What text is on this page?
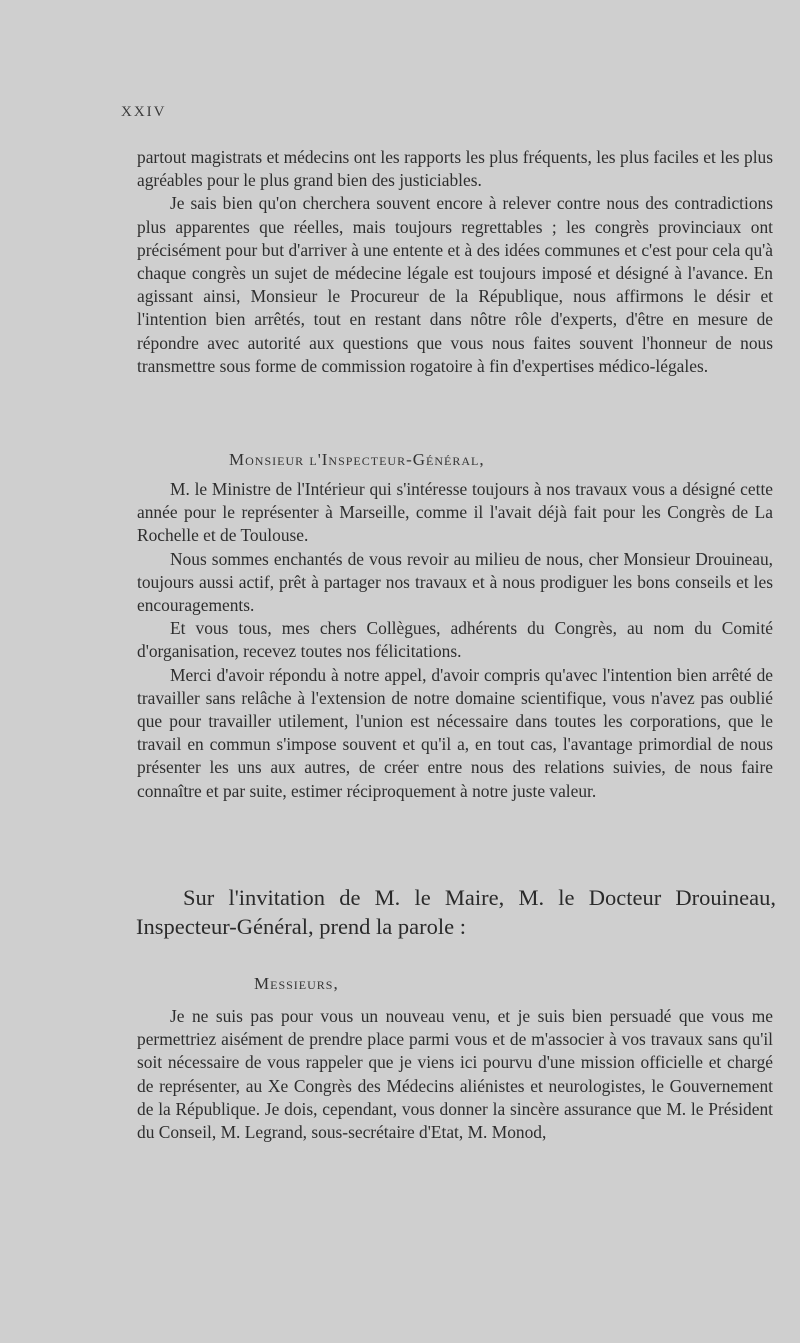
XXIV

partout magistrats et médecins ont les rapports les plus fréquents, les plus faciles et les plus agréables pour le plus grand bien des justiciables.

Je sais bien qu'on cherchera souvent encore à relever contre nous des contradictions plus apparentes que réelles, mais toujours regrettables ; les congrès provinciaux ont précisément pour but d'arriver à une entente et à des idées communes et c'est pour cela qu'à chaque congrès un sujet de médecine légale est toujours imposé et désigné à l'avance. En agissant ainsi, Monsieur le Procureur de la République, nous affirmons le désir et l'intention bien arrêtés, tout en restant dans nôtre rôle d'experts, d'être en mesure de répondre avec autorité aux questions que vous nous faites souvent l'honneur de nous transmettre sous forme de commission rogatoire à fin d'expertises médico-légales.

Monsieur l'Inspecteur-Général,

M. le Ministre de l'Intérieur qui s'intéresse toujours à nos travaux vous a désigné cette année pour le représenter à Marseille, comme il l'avait déjà fait pour les Congrès de La Rochelle et de Toulouse.

Nous sommes enchantés de vous revoir au milieu de nous, cher Monsieur Drouineau, toujours aussi actif, prêt à partager nos travaux et à nous prodiguer les bons conseils et les encouragements.

Et vous tous, mes chers Collègues, adhérents du Congrès, au nom du Comité d'organisation, recevez toutes nos félicitations.

Merci d'avoir répondu à notre appel, d'avoir compris qu'avec l'intention bien arrêté de travailler sans relâche à l'extension de notre domaine scientifique, vous n'avez pas oublié que pour travailler utilement, l'union est nécessaire dans toutes les corporations, que le travail en commun s'impose souvent et qu'il a, en tout cas, l'avantage primordial de nous présenter les uns aux autres, de créer entre nous des relations suivies, de nous faire connaître et par suite, estimer réciproquement à notre juste valeur.

Sur l'invitation de M. le Maire, M. le Docteur Drouineau,
Inspecteur-Général, prend la parole :
Messieurs,

Je ne suis pas pour vous un nouveau venu, et je suis bien persuadé que vous me permettriez aisément de prendre place parmi vous et de m'associer à vos travaux sans qu'il soit nécessaire de vous rappeler que je viens ici pourvu d'une mission officielle et chargé de représenter, au Xe Congrès des Médecins aliénistes et neurologistes, le Gouvernement de la République. Je dois, cependant, vous donner la sincère assurance que M. le Président du Conseil, M. Legrand, sous-secrétaire d'Etat, M. Monod,
